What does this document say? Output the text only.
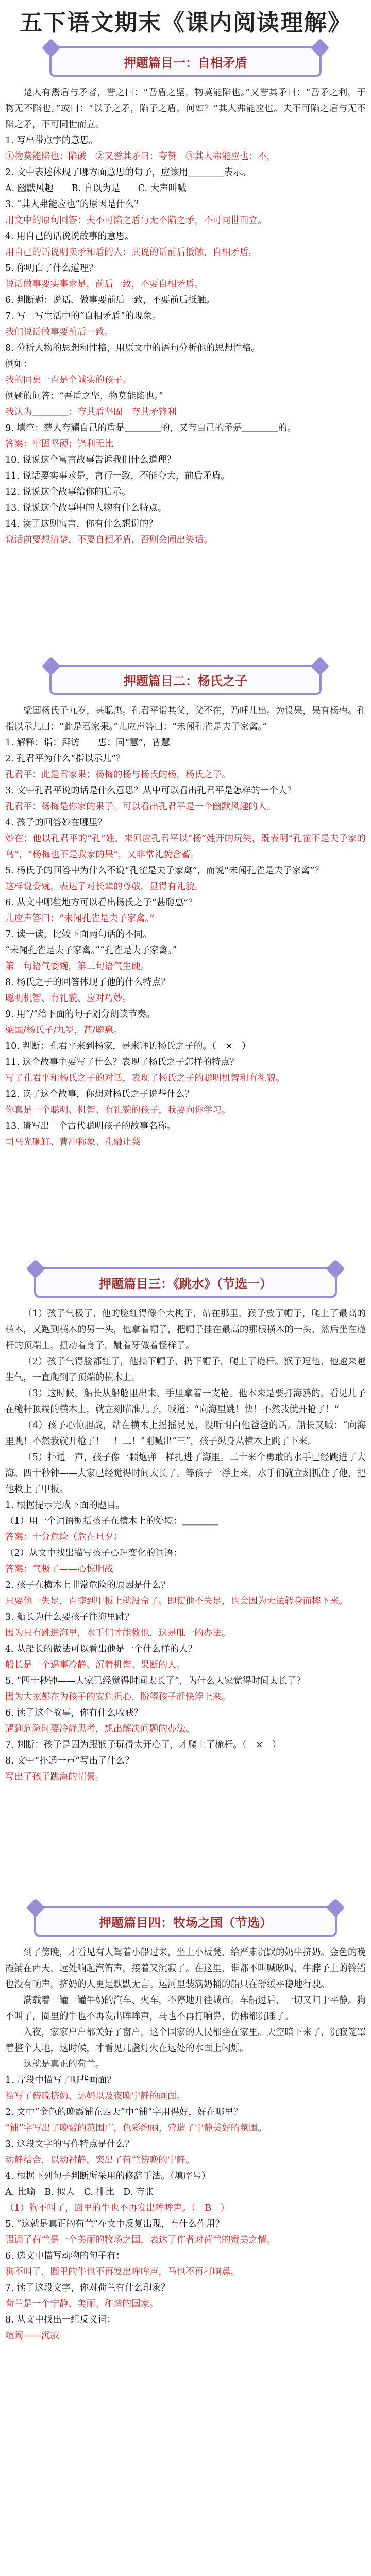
五下语文期末《课内阅读理解》
押题篇目一：自相矛盾

楚人有鬻盾与矛者，誉之曰：“吾盾之坚，物莫能陷也。”又誉其矛曰：“吾矛之利，于物无不陷也。”或曰：“以子之矛，陷子之盾，何如？”其人弗能应也。夫不可陷之盾与无不陷之矛，不可同世而立。

1. 写出带点字的意思。

①物莫能陷也：陷破　②又誉其矛曰：夸赞　③其人弗能应也：不，

2. 文中表述体现了哪方面意思的句子，应该用＿＿＿＿表示。

A. 幽默风趣　　B. 自以为是　　C. 大声叫喊

3. “其人弗能应也”的原因是什么？

用文中的原句回答：夫不可陷之盾与无不陷之矛，不可同世而立。

4. 用自己的话说说故事的意思。

用自己的话说明卖矛和盾的人：其说的话前后抵触，自相矛盾。

5. 你明白了什么道理？

说话做事要实事求是，前后一致，不要自相矛盾。

6. 判断题：说话、做事要前后一致，不要前后抵触。

7. 写一写生活中的“自相矛盾”的现象。

我们说话做事要前后一致。

8. 分析人物的思想和性格，用原文中的语句分析他的思想性格。

例如：

我的同桌一直是个诚实的孩子。

例题的问答：“吾盾之坚，物莫能陷也。”

我认为＿＿＿＿：夸其盾坚固　夸其矛锋利

9. 填空：楚人夸耀自己的盾是＿＿＿＿的，又夸自己的矛是＿＿＿＿的。

答案：牢固坚硬；锋利无比

10. 说说这个寓言故事告诉我们什么道理？

11. 说话要实事求是，言行一致，不能夸大，前后矛盾。

12. 说说这个故事给你的启示。

13. 说说这个故事中的人物有什么特点。

14. 读了这则寓言，你有什么想说的？

说话前要想清楚，不要自相矛盾，否则会闹出笑话。

押题篇目二：杨氏之子

梁国杨氏子九岁，甚聪惠。孔君平诣其父，父不在，乃呼儿出。为设果，果有杨梅。孔指以示儿曰：“此是君家果。”儿应声答曰：“未闻孔雀是夫子家禽。”

1. 解释：诣：拜访　　惠：同“慧”，智慧

2. 孔君平为什么“指以示儿”？　　

孔君平：此是君家果；杨梅的杨与杨氏的杨，杨氏之子。

3. 文中孔君平说的话是什么意思？从中可以看出孔君平是怎样的一个人？

孔君平：杨梅是你家的果子。可以看出孔君平是一个幽默风趣的人。

4. 孩子的回答妙在哪里？

妙在：他以孔君平的“孔”姓，来回应孔君平以“杨”姓开的玩笑，既表明“孔雀不是夫子家的鸟”，“杨梅也不是我家的果”，又非常礼貌含蓄。

5. 杨氏子的回答中为什么不说“孔雀是夫子家禽”，而说“未闻孔雀是夫子家禽”？

这样说委婉，表达了对长辈的尊敬，显得有礼貌。

6. 从文中哪些地方可以看出杨氏之子“甚聪惠”？

儿应声答曰：“未闻孔雀是夫子家禽。”

7. 读一读，比较下面两句话的不同。

“未闻孔雀是夫子家禽。”“孔雀是夫子家禽。”

第一句语气委婉，第二句语气生硬。

8. 杨氏之子的回答体现了他的什么特点？

聪明机智、有礼貌、应对巧妙。

9. 用“/”给下面的句子划分朗读节奏。

梁国/杨氏子/九岁，甚/聪惠。

10. 判断：孔君平来到杨家，是来拜访杨氏之子的。（　×　）

11. 这个故事主要写了什么？表现了杨氏之子怎样的特点？

写了孔君平和杨氏之子的对话，表现了杨氏之子的聪明机智和有礼貌。

12. 读了这个故事，你想对杨氏之子说些什么？

你真是一个聪明、机智、有礼貌的孩子，我要向你学习。

13. 请写出一个古代聪明孩子的故事名称。

司马光砸缸、曹冲称象、孔融让梨

押题篇目三：《跳水》（节选一）

（1）孩子气极了，他的脸红得像个大桃子，站在那里，猴子放了帽子，爬上了最高的横木，又跑到横木的另一头，他拿着帽子，把帽子挂在最高的那根横木的一头，然后坐在桅杆的顶端上，扭动着身子，龇着牙做着怪样子。

（2）孩子气得脸都红了，他摘下帽子，扔下帽子，爬上了桅杆。猴子逗他，他越来越生气，一直爬到了顶端的横木上。

（3）这时候，船长从船舱里出来，手里拿着一支枪。他本来是要打海鸥的，看见儿子在桅杆顶端的横木上，就立刻瞄准儿子，喊道：“向海里跳！快！不然我就开枪了！”

（4）孩子心惊胆战，站在横木上摇摇晃晃，没听明白他爸爸的话。船长又喊：“向海里跳！不然我就开枪了！一！二！”刚喊出“三”，孩子纵身从横木上跳了下来。

（5）扑通一声，孩子像一颗炮弹一样扎进了海里。二十来个勇敢的水手已经跳进了大海。四十秒钟——大家已经觉得时间太长了。等孩子一浮上来，水手们就立刻抓住了他，把他救上了甲板。

1. 根据提示完成下面的题目。

（1）用一个词语概括孩子在横木上的处境：＿＿＿＿

答案：十分危险（危在旦夕）

（2）从文中找出描写孩子心理变化的词语：

答案：气极了——心惊胆战

2. 孩子在横木上非常危险的原因是什么？

只要他一失足，直摔到甲板上就没命了。即使他不失足，也会因为无法转身而摔下来。

3. 船长为什么要孩子往海里跳？

因为只有跳进海里，水手们才能救他，这是唯一的办法。

4. 从船长的做法可以看出他是一个什么样的人？

船长是一个遇事冷静、沉着机智、果断的人。

5. “四十秒钟——大家已经觉得时间太长了”，为什么大家觉得时间太长了？

因为大家都在为孩子的安危担心，盼望孩子赶快浮上来。

6. 读了这个故事，你有什么收获？

遇到危险时要冷静思考，想出解决问题的办法。

7. 判断：孩子是因为跟猴子玩得太开心了，才爬上了桅杆。（　×　）

8. 文中“扑通一声”写出了什么？

写出了孩子跳海的情景。

押题篇目四：牧场之国（节选）

到了傍晚，才看见有人驾着小船过来，坐上小板凳，给严肃沉默的奶牛挤奶。金色的晚霞铺在西天，远处响起汽笛声，接着又沉寂了。在这里，谁都不叫喊吆喝，牛脖子上的铃铛也没有响声，挤奶的人更是默默无言。运河里装满奶桶的船只在舒缓平稳地行驶。

满载着一罐一罐牛奶的汽车、火车，不停地开往城市。车船过后，一切又归于平静。狗不叫了，圈里的牛也不再发出哞哞声，马也不再打响鼻，仿佛都沉睡了。

入夜，家家户户都关好了窗户，这个国家的人民都坐在家里。天空暗下来了，沉寂笼罩着整个大地，这时候，才看见几盏灯火在远处的水面上闪烁。

这就是真正的荷兰。

1. 片段中描写了哪些画面？

描写了傍晚挤奶、运奶以及夜晚宁静的画面。

2. 文中“金色的晚霞铺在西天”中“铺”字用得好，好在哪里？

“铺”字写出了晚霞的范围广，色彩绚丽，营造了宁静美好的氛围。

3. 这段文字的写作特点是什么？

动静结合，以动衬静，突出了荷兰傍晚的宁静。

4. 根据下列句子判断所采用的修辞手法。（填序号）

A. 比喻　B. 拟人　C. 排比　D. 夸张

（1）狗不叫了，圈里的牛也不再发出哞哞声。（　B　）

5. “这就是真正的荷兰”在文中反复出现，有什么作用？

强调了荷兰是一个美丽的牧场之国，表达了作者对荷兰的赞美之情。

6. 选文中描写动物的句子有：

狗不叫了，圈里的牛也不再发出哞哞声，马也不再打响鼻。

7. 读了这段文字，你对荷兰有什么印象？

荷兰是一个宁静、美丽、和谐的国家。

8. 从文中找出一组反义词：

喧闹——沉寂
